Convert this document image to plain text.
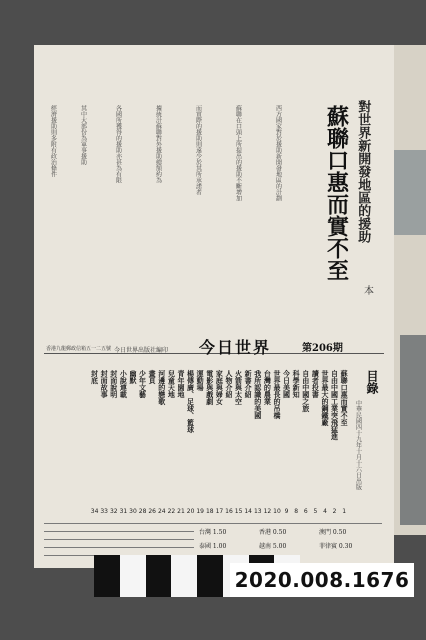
蘇聯口惠而實不至 對世界新開發地區的援助
本
西方國家對於援助新開發地區的計劃
蘇聯在口頭上所提出的援助不斷增加
而實際的援助則遠少於其所承諾者
據統計蘇聯對外援助總額約為
各國所獲得的援助亦甚為有限
其中大部份為軍事援助
經濟援助則多附有政治條件
今日世界	第206期
今日世界出版社編印
香港九龍郵政信箱五一二五號
目錄
中華民國四十九年十月十六日出版
蘇聯口惠而實不至
1
自由中國工業突飛猛進
2
世界最大的鋼鐵廠
4
讀者投書
5
自由中國之旅
6
科學新知
8
今日美國
9
世界最長的吊橋
10
台灣的農業
12
我所認識的美國
13
新書介紹
14
火箭與太空
15
人物介紹
16
家庭與婦女
17
電影與戲劇
18
運動場
19
楊傳廣、足球、籃球
20
青年園地
21
兒童天地
22
河邊的戀歌
24
畫頁
26
少年文藝
28
幽默
30
小說連載
31
封面說明
32
封面故事
33
封底
34
台灣 1.50	香港 0.50	澳門 0.50
泰國 1.00	越南 5.00	菲律賓 0.30
2020.008.1676
